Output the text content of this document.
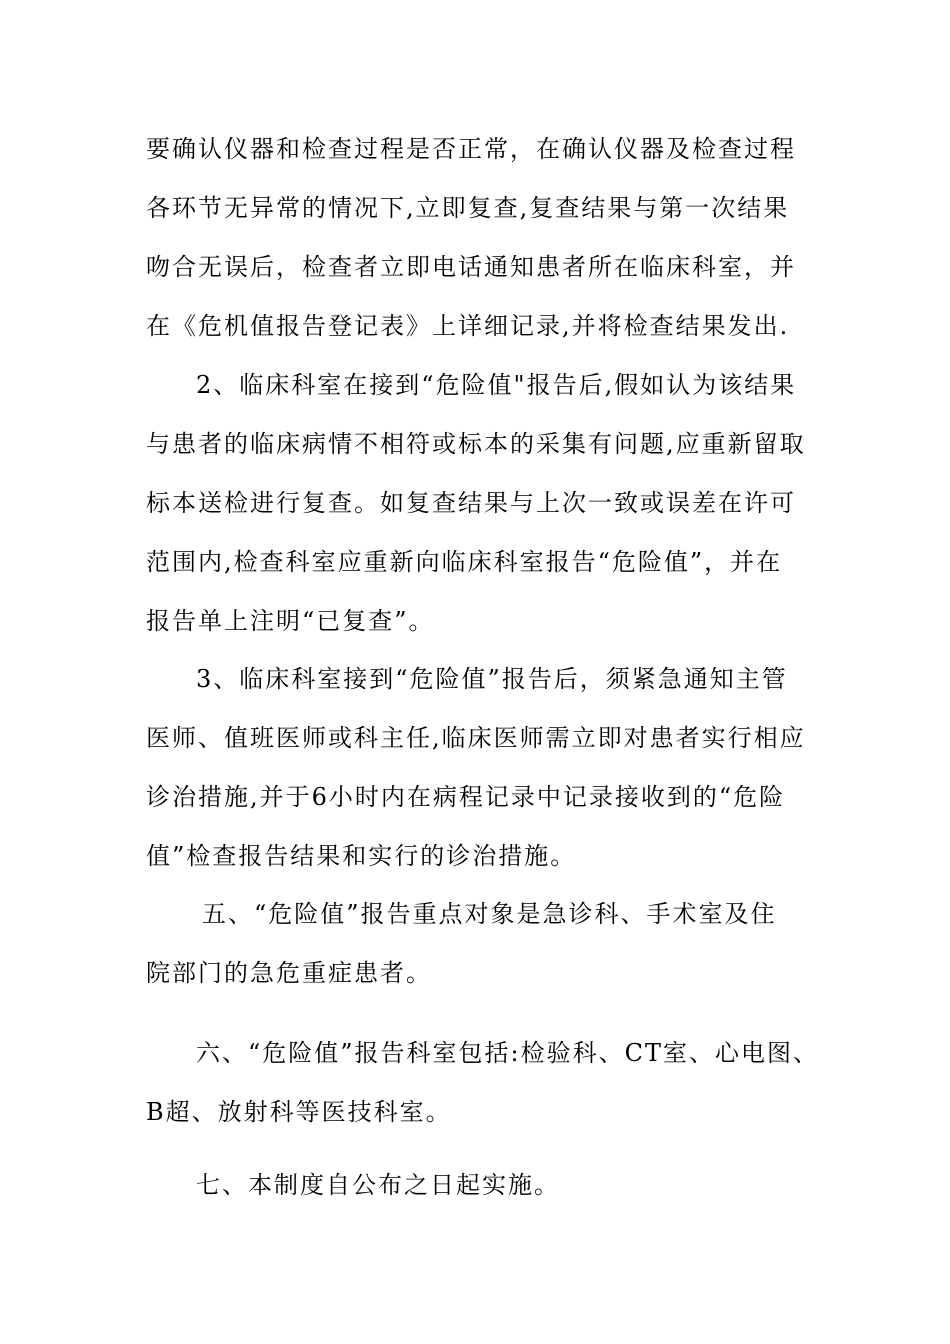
要确认仪器和检查过程是否正常，在确认仪器及检查过程
各环节无异常的情况下,立即复查,复查结果与第一次结果
吻合无误后，检查者立即电话通知患者所在临床科室，并
在《危机值报告登记表》上详细记录,并将检查结果发出.
2、临床科室在接到“危险值"报告后,假如认为该结果
与患者的临床病情不相符或标本的采集有问题,应重新留取
标本送检进行复查。如复查结果与上次一致或误差在许可
范围内,检查科室应重新向临床科室报告“危险值”，并在
报告单上注明“已复查”。
3、临床科室接到“危险值”报告后，须紧急通知主管
医师、值班医师或科主任,临床医师需立即对患者实行相应
诊治措施,并于6小时内在病程记录中记录接收到的“危险
值”检查报告结果和实行的诊治措施。
五、“危险值”报告重点对象是急诊科、手术室及住
院部门的急危重症患者。
六、“危险值”报告科室包括:检验科、CT室、心电图、
B超、放射科等医技科室。
七、本制度自公布之日起实施。
